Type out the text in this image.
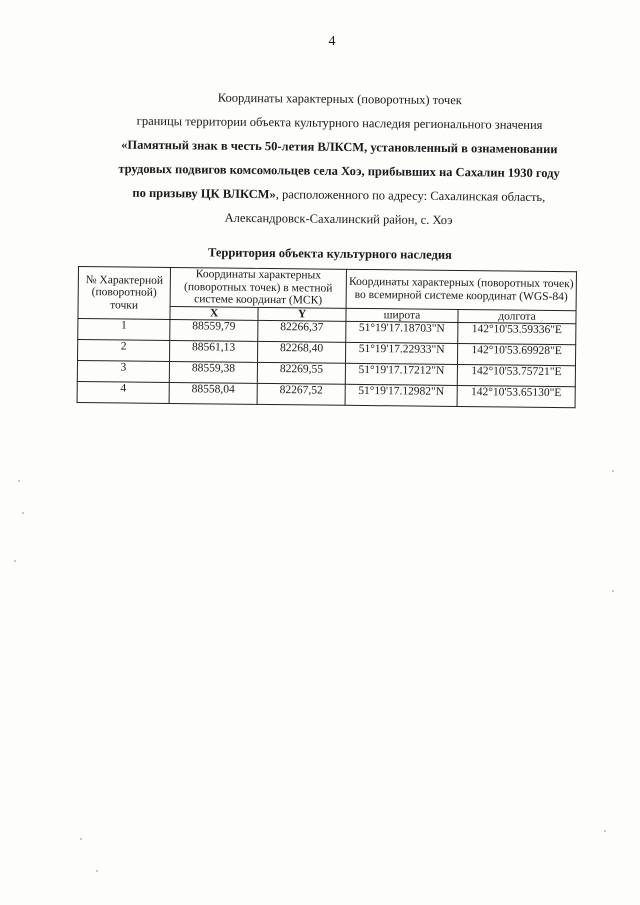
4
Координаты характерных (поворотных) точек
границы территории объекта культурного наследия регионального значения
«Памятный знак в честь 50-летия ВЛКСМ, установленный в ознаменовании
трудовых подвигов комсомольцев села Хоэ, прибывших на Сахалин 1930 году
по призыву ЦК ВЛКСМ», расположенного по адресу: Сахалинская область,
Александровск-Сахалинский район, с. Хоэ
Территория объекта культурного наследия
№ Характерной (поворотной) точки	Координаты характерных (поворотных точек) в местной системе координат (МСК)		Координаты характерных (поворотных точек) во всемирной системе координат (WGS-84)	
	X	Y	широта	долгота
1	88559,79	82266,37	51°19'17.18703"N	142°10'53.59336"E
2	88561,13	82268,40	51°19'17.22933"N	142°10'53.69928"E
3	88559,38	82269,55	51°19'17.17212"N	142°10'53.75721"E
4	88558,04	82267,52	51°19'17.12982"N	142°10'53.65130"E
